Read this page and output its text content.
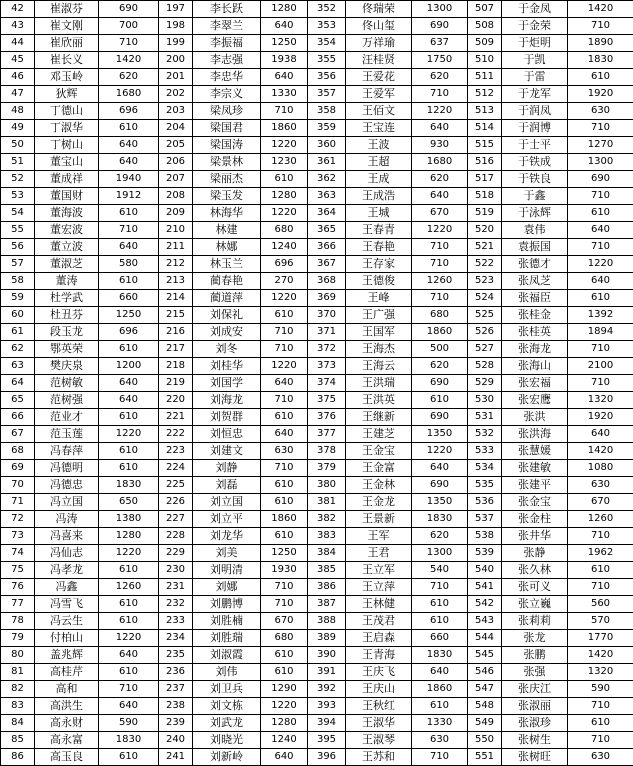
42	崔淑芬	690	197	李长跃	1280	352	佟瑞荣	1300	507	于金凤	1420
43	崔文刚	700	198	李翠兰	640	353	佟山玺	690	508	于金荣	710
44	崔欣丽	710	199	李振福	1250	354	万祥瑜	637	509	于炬明	1890
45	崔长义	1420	200	李志强	1938	355	汪桂贤	1750	510	于凯	1830
46	邓玉岭	620	201	李忠华	640	356	王爱花	620	511	于雷	610
47	狄辉	1680	202	李宗义	1330	357	王爱军	710	512	于龙军	1920
48	丁德山	696	203	梁凤珍	710	358	王佰文	1220	513	于润凤	630
49	丁淑华	610	204	梁国君	1860	359	王宝连	640	514	于润博	710
50	丁树山	640	205	梁国涛	1220	360	王波	930	515	于士平	1270
51	董宝山	640	206	梁景林	1230	361	王超	1680	516	于铁成	1300
52	董成祥	1940	207	梁丽杰	610	362	王成	620	517	于铁良	690
53	董国财	1912	208	梁玉发	1280	363	王成浩	640	518	于鑫	710
54	董海波	610	209	林海华	1220	364	王城	670	519	于泳辉	610
55	董宏波	710	210	林建	680	365	王春青	1220	520	袁伟	640
56	董立波	640	211	林娜	1240	366	王春艳	710	521	袁振国	710
57	董淑芝	580	212	林玉兰	696	367	王存家	710	522	张德才	1220
58	董涛	610	213	蔺春艳	270	368	王德俊	1260	523	张凤芝	640
59	杜学武	660	214	蔺道萍	1220	369	王峰	710	524	张福臣	610
60	杜丑芬	1250	215	刘保礼	610	370	王广强	680	525	张桂金	1392
61	段玉龙	696	216	刘成安	710	371	王国军	1860	526	张桂英	1894
62	鄂英荣	610	217	刘冬	710	372	王海杰	500	527	张海龙	710
63	樊庆泉	1200	218	刘桂华	1220	373	王海云	620	528	张海山	2100
64	范树敏	640	219	刘国学	640	374	王洪瑞	690	529	张宏福	710
65	范树强	640	220	刘海龙	710	375	王洪英	610	530	张宏鹰	1320
66	范业才	610	221	刘贺群	610	376	王继新	690	531	张洪	1920
67	范玉莲	1220	222	刘恒忠	640	377	王建芝	1350	532	张洪海	640
68	冯春萍	610	223	刘建文	630	378	王金宝	1220	533	张慧媛	1420
69	冯德明	610	224	刘静	710	379	王金富	640	534	张建敏	1080
70	冯德忠	1830	225	刘磊	610	380	王金林	690	535	张建平	630
71	冯立国	650	226	刘立国	610	381	王金龙	1350	536	张金宝	670
72	冯涛	1380	227	刘立平	1860	382	王景新	1830	537	张金柱	1260
73	冯喜来	1280	228	刘龙华	610	383	王军	620	538	张井华	710
74	冯仙志	1220	229	刘美	1250	384	王君	1300	539	张静	1962
75	冯孝龙	610	230	刘明清	1930	385	王立军	540	540	张久林	610
76	冯鑫	1260	231	刘娜	710	386	王立萍	710	541	张可义	710
77	冯雪飞	610	232	刘鹏博	710	387	王林健	610	542	张立巍	560
78	冯云生	610	233	刘胜楠	670	388	王茂君	610	543	张莉莉	570
79	付柏山	1220	234	刘胜瑞	680	389	王启森	660	544	张龙	1770
80	盖兆辉	640	235	刘淑霞	610	390	王青海	1830	545	张鹏	1420
81	高桂芹	610	236	刘伟	610	391	王庆飞	640	546	张强	1320
82	高和	710	237	刘卫兵	1290	392	王庆山	1860	547	张庆江	590
83	高洪生	640	238	刘文栋	1220	393	王秋红	610	548	张淑丽	710
84	高永财	590	239	刘武龙	1280	394	王淑华	1330	549	张淑珍	610
85	高永富	1830	240	刘晓光	1240	395	王淑琴	630	550	张树生	710
86	高玉良	610	241	刘新岭	640	396	王苏和	710	551	张树旺	630
